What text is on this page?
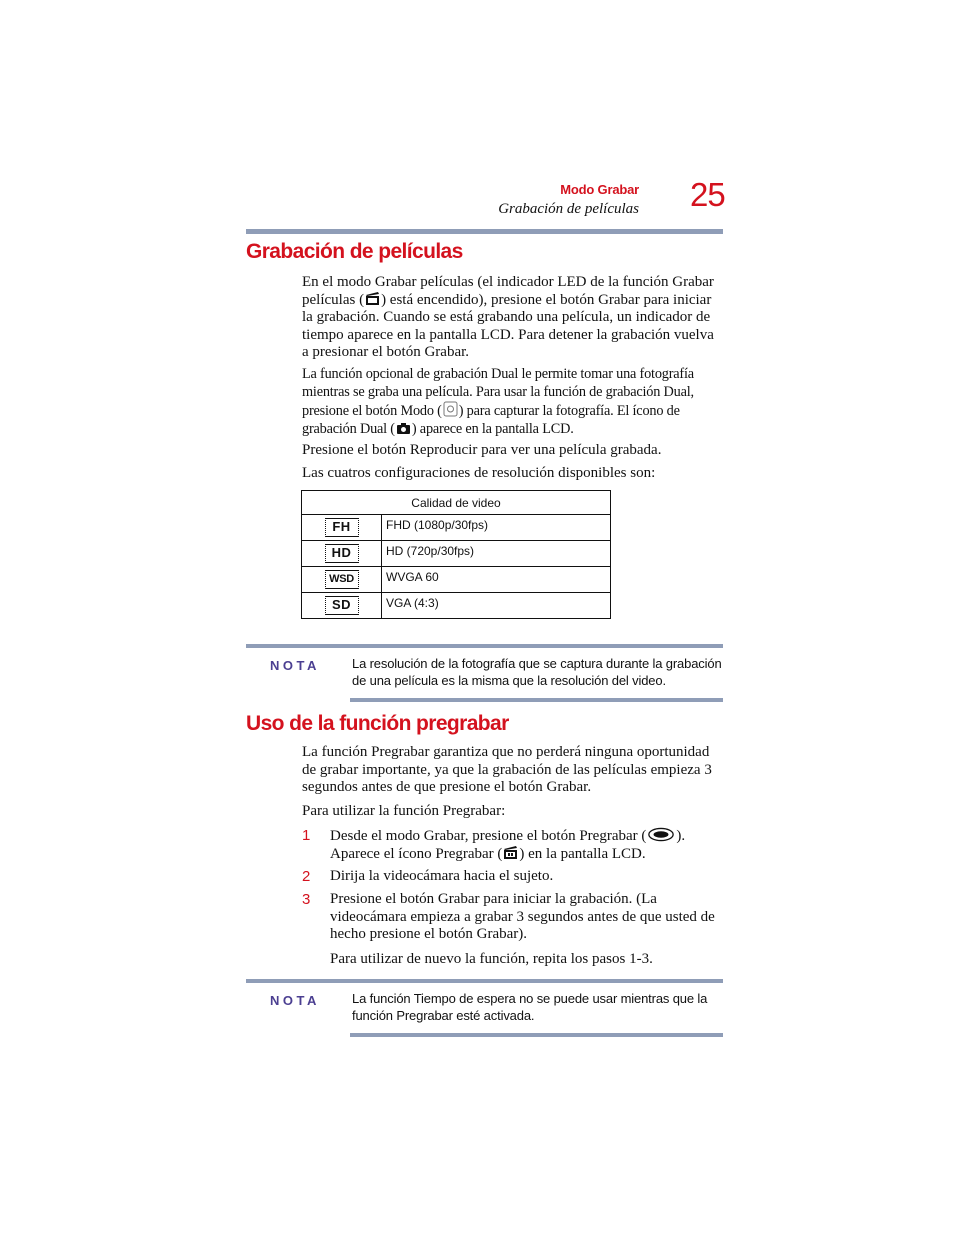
Modo Grabar
Grabación de películas 25
Grabación de películas

En el modo Grabar películas (el indicador LED de la función Grabar películas ( ) está encendido), presione el botón Grabar para iniciar la grabación. Cuando se está grabando una película, un indicador de tiempo aparece en la pantalla LCD. Para detener la grabación vuelva a presionar el botón Grabar.

La función opcional de grabación Dual le permite tomar una fotografía mientras se graba una película. Para usar la función de grabación Dual, presione el botón Modo ( ) para capturar la fotografía. El ícono de grabación Dual ( ) aparece en la pantalla LCD.

Presione el botón Reproducir para ver una película grabada.
Las cuatros configuraciones de resolución disponibles son:
Calidad de video	
FH	FHD (1080p/30fps)
HD	HD (720p/30fps)
WSD	WVGA 60
SD	VGA (4:3)
NOTA La resolución de la fotografía que se captura durante la grabación de una película es la misma que la resolución del video.
Uso de la función pregrabar
La función Pregrabar garantiza que no perderá ninguna oportunidad de grabar importante, ya que la grabación de las películas empieza 3 segundos antes de que presione el botón Grabar.
Para utilizar la función Pregrabar:
1 Desde el modo Grabar, presione el botón Pregrabar ( ). Aparece el ícono Pregrabar ( ) en la pantalla LCD.
2 Dirija la videocámara hacia el sujeto.
3 Presione el botón Grabar para iniciar la grabación. (La videocámara empieza a grabar 3 segundos antes de que usted de hecho presione el botón Grabar).
Para utilizar de nuevo la función, repita los pasos 1-3.
NOTA La función Tiempo de espera no se puede usar mientras que la función Pregrabar esté activada.
